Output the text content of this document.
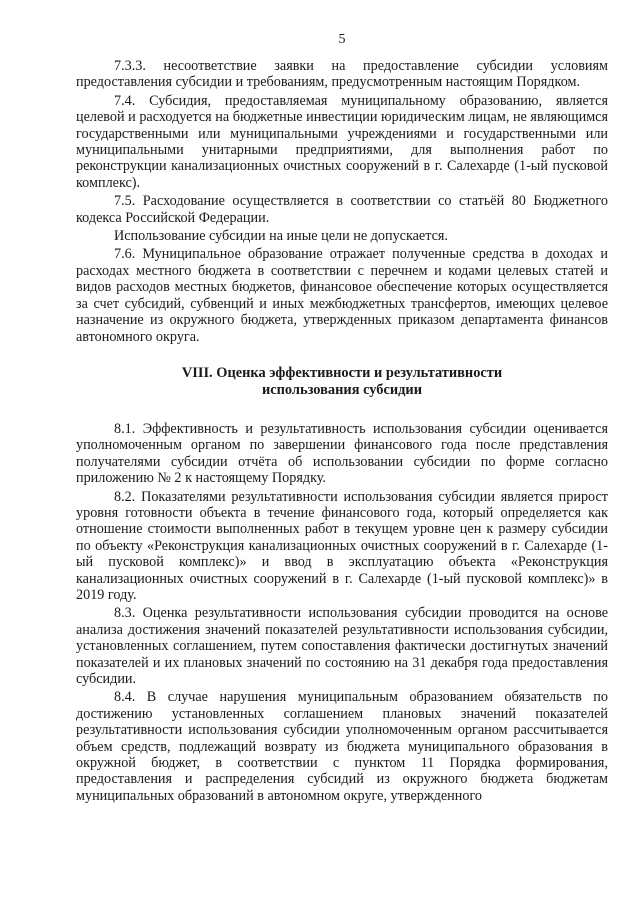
5

7.3.3. несоответствие заявки на предоставление субсидии условиям предоставления субсидии и требованиям, предусмотренным настоящим Порядком.

7.4. Субсидия, предоставляемая муниципальному образованию, является целевой и расходуется на бюджетные инвестиции юридическим лицам, не являющимся государственными или муниципальными учреждениями и государственными или муниципальными унитарными предприятиями, для выполнения работ по реконструкции канализационных очистных сооружений в г. Салехарде (1-ый пусковой комплекс).

7.5. Расходование осуществляется в соответствии со статьёй 80 Бюджетного кодекса Российской Федерации.

Использование субсидии на иные цели не допускается.

7.6. Муниципальное образование отражает полученные средства в доходах и расходах местного бюджета в соответствии с перечнем и кодами целевых статей и видов расходов местных бюджетов, финансовое обеспечение которых осуществляется за счет субсидий, субвенций и иных межбюджетных трансфертов, имеющих целевое назначение из окружного бюджета, утвержденных приказом департамента финансов автономного округа.

VIII. Оценка эффективности и результативности
использования субсидии

8.1. Эффективность и результативность использования субсидии оценивается уполномоченным органом по завершении финансового года после представления получателями субсидии отчёта об использовании субсидии по форме согласно приложению № 2 к настоящему Порядку.

8.2. Показателями результативности использования субсидии является прирост уровня готовности объекта в течение финансового года, который определяется как отношение стоимости выполненных работ в текущем уровне цен к размеру субсидии по объекту «Реконструкция канализационных очистных сооружений в г. Салехарде (1-ый пусковой комплекс)» и ввод в эксплуатацию объекта «Реконструкция канализационных очистных сооружений в г. Салехарде (1-ый пусковой комплекс)» в 2019 году.

8.3. Оценка результативности использования субсидии проводится на основе анализа достижения значений показателей результативности использования субсидии, установленных соглашением, путем сопоставления фактически достигнутых значений показателей и их плановых значений по состоянию на 31 декабря года предоставления субсидии.

8.4. В случае нарушения муниципальным образованием обязательств по достижению установленных соглашением плановых значений показателей результативности использования субсидии уполномоченным органом рассчитывается объем средств, подлежащий возврату из бюджета муниципального образования в окружной бюджет, в соответствии с пунктом 11 Порядка формирования, предоставления и распределения субсидий из окружного бюджета бюджетам муниципальных образований в автономном округе, утвержденного
